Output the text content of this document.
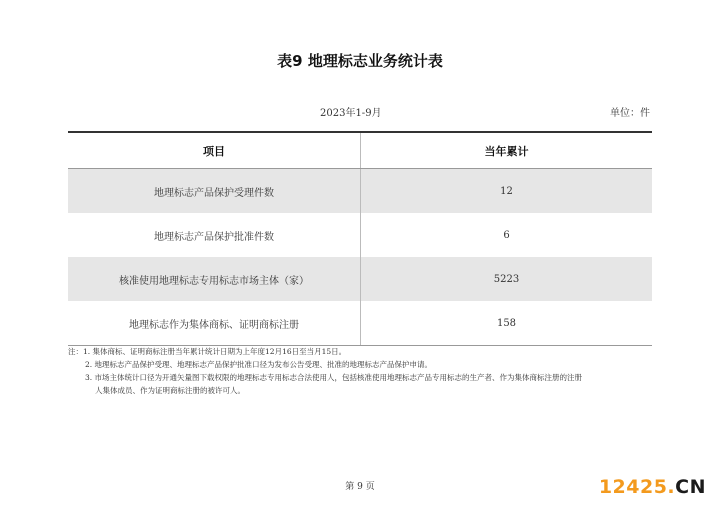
表9 地理标志业务统计表
2023年1-9月	单位：件
项目	当年累计
地理标志产品保护受理件数	12
地理标志产品保护批准件数	6
核准使用地理标志专用标志市场主体（家）	5223
地理标志作为集体商标、证明商标注册	158
注：1. 集体商标、证明商标注册当年累计统计日期为上年度12月16日至当月15日。
2. 地理标志产品保护受理、地理标志产品保护批准口径为发布公告受理、批准的地理标志产品保护申请。
3. 市场主体统计口径为开通矢量图下载权限的地理标志专用标志合法使用人，包括核准使用地理标志产品专用标志的生产者、作为集体商标注册的注册
人集体成员、作为证明商标注册的被许可人。
第 9 页	12425.CN
